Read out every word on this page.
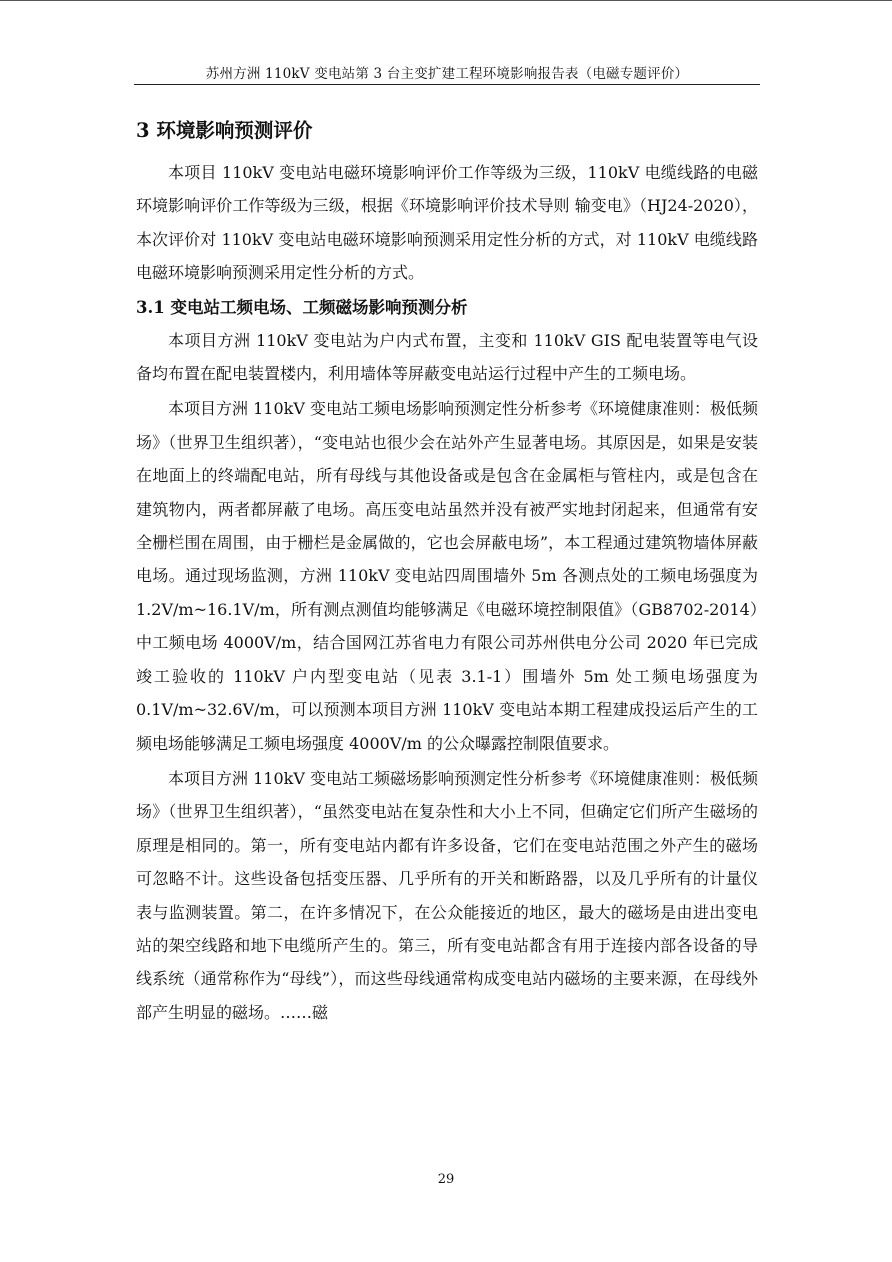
苏州方洲 110kV 变电站第 3 台主变扩建工程环境影响报告表（电磁专题评价）
3 环境影响预测评价

本项目 110kV 变电站电磁环境影响评价工作等级为三级，110kV 电缆线路的电磁环境影响评价工作等级为三级，根据《环境影响评价技术导则 输变电》（HJ24-2020），本次评价对 110kV 变电站电磁环境影响预测采用定性分析的方式，对 110kV 电缆线路电磁环境影响预测采用定性分析的方式。

3.1 变电站工频电场、工频磁场影响预测分析

本项目方洲 110kV 变电站为户内式布置，主变和 110kV GIS 配电装置等电气设备均布置在配电装置楼内，利用墙体等屏蔽变电站运行过程中产生的工频电场。

本项目方洲 110kV 变电站工频电场影响预测定性分析参考《环境健康准则：极低频场》（世界卫生组织著），“变电站也很少会在站外产生显著电场。其原因是，如果是安装在地面上的终端配电站，所有母线与其他设备或是包含在金属柜与管柱内，或是包含在建筑物内，两者都屏蔽了电场。高压变电站虽然并没有被严实地封闭起来，但通常有安全栅栏围在周围，由于栅栏是金属做的，它也会屏蔽电场”，本工程通过建筑物墙体屏蔽电场。通过现场监测，方洲 110kV 变电站四周围墙外 5m 各测点处的工频电场强度为 1.2V/m~16.1V/m，所有测点测值均能够满足《电磁环境控制限值》（GB8702-2014）中工频电场 4000V/m，结合国网江苏省电力有限公司苏州供电分公司 2020 年已完成竣工验收的 110kV 户内型变电站（见表 3.1-1）围墙外 5m 处工频电场强度为 0.1V/m~32.6V/m，可以预测本项目方洲 110kV 变电站本期工程建成投运后产生的工频电场能够满足工频电场强度 4000V/m 的公众曝露控制限值要求。

本项目方洲 110kV 变电站工频磁场影响预测定性分析参考《环境健康准则：极低频场》（世界卫生组织著），“虽然变电站在复杂性和大小上不同，但确定它们所产生磁场的原理是相同的。第一，所有变电站内都有许多设备，它们在变电站范围之外产生的磁场可忽略不计。这些设备包括变压器、几乎所有的开关和断路器，以及几乎所有的计量仪表与监测装置。第二，在许多情况下，在公众能接近的地区，最大的磁场是由进出变电站的架空线路和地下电缆所产生的。第三，所有变电站都含有用于连接内部各设备的导线系统（通常称作为“母线”），而这些母线通常构成变电站内磁场的主要来源，在母线外部产生明显的磁场。……磁

29
